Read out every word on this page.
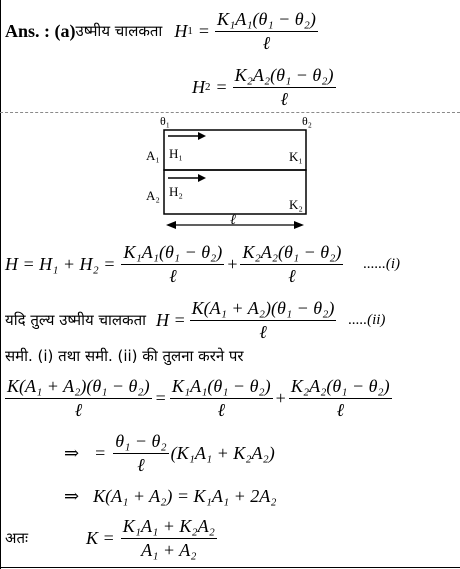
Ans. : (a) उष्मीय चालकता H $1 = \frac{\text{K₁A₁(θ₁ − θ₂)}}{\text{ℓ}}$
H $2 = \frac{\text{K₂A₂(θ₁ − θ₂)}}{\text{ℓ}}$
θ₁	θ₂
A₁ H₁	K₁
A₂ H₂
K₂
ℓ
$H = H_1 + H_2 = \frac{\text{K₁A₁(θ₁ − θ₂)}}{\text{ℓ}} + \frac{\text{K₂A₂(θ₁ − θ₂)}}{\text{ℓ}} ......(i)$
यदि तुल्य उष्मीय चालकता $H = \frac{\text{K(A₁ + A₂)(θ₁ − θ₂)}}{\text{ℓ}} .....(ii)$
समी. (i) तथा समी. (ii) की तुलना करने पर
$\frac{\text{K(A₁ + A₂)(θ₁ − θ₂)}}{\text{ℓ}} = \frac{\text{K₁A₁(θ₁ − θ₂)}}{\text{ℓ}} + \frac{\text{K₂A₂(θ₁ − θ₂)}}{\text{ℓ}}$
⇒ = $\frac{\text{θ₁ − θ₂}}{\text{ℓ}} (K_1A_1 + K_2A_2)$
⇒ K(A₁ + A₂) = K₁A₁ + 2A₂
अतः	$K = \frac{\text{K₁A₁ + K₂A₂}}{\text{A₁ + A₂}}$
